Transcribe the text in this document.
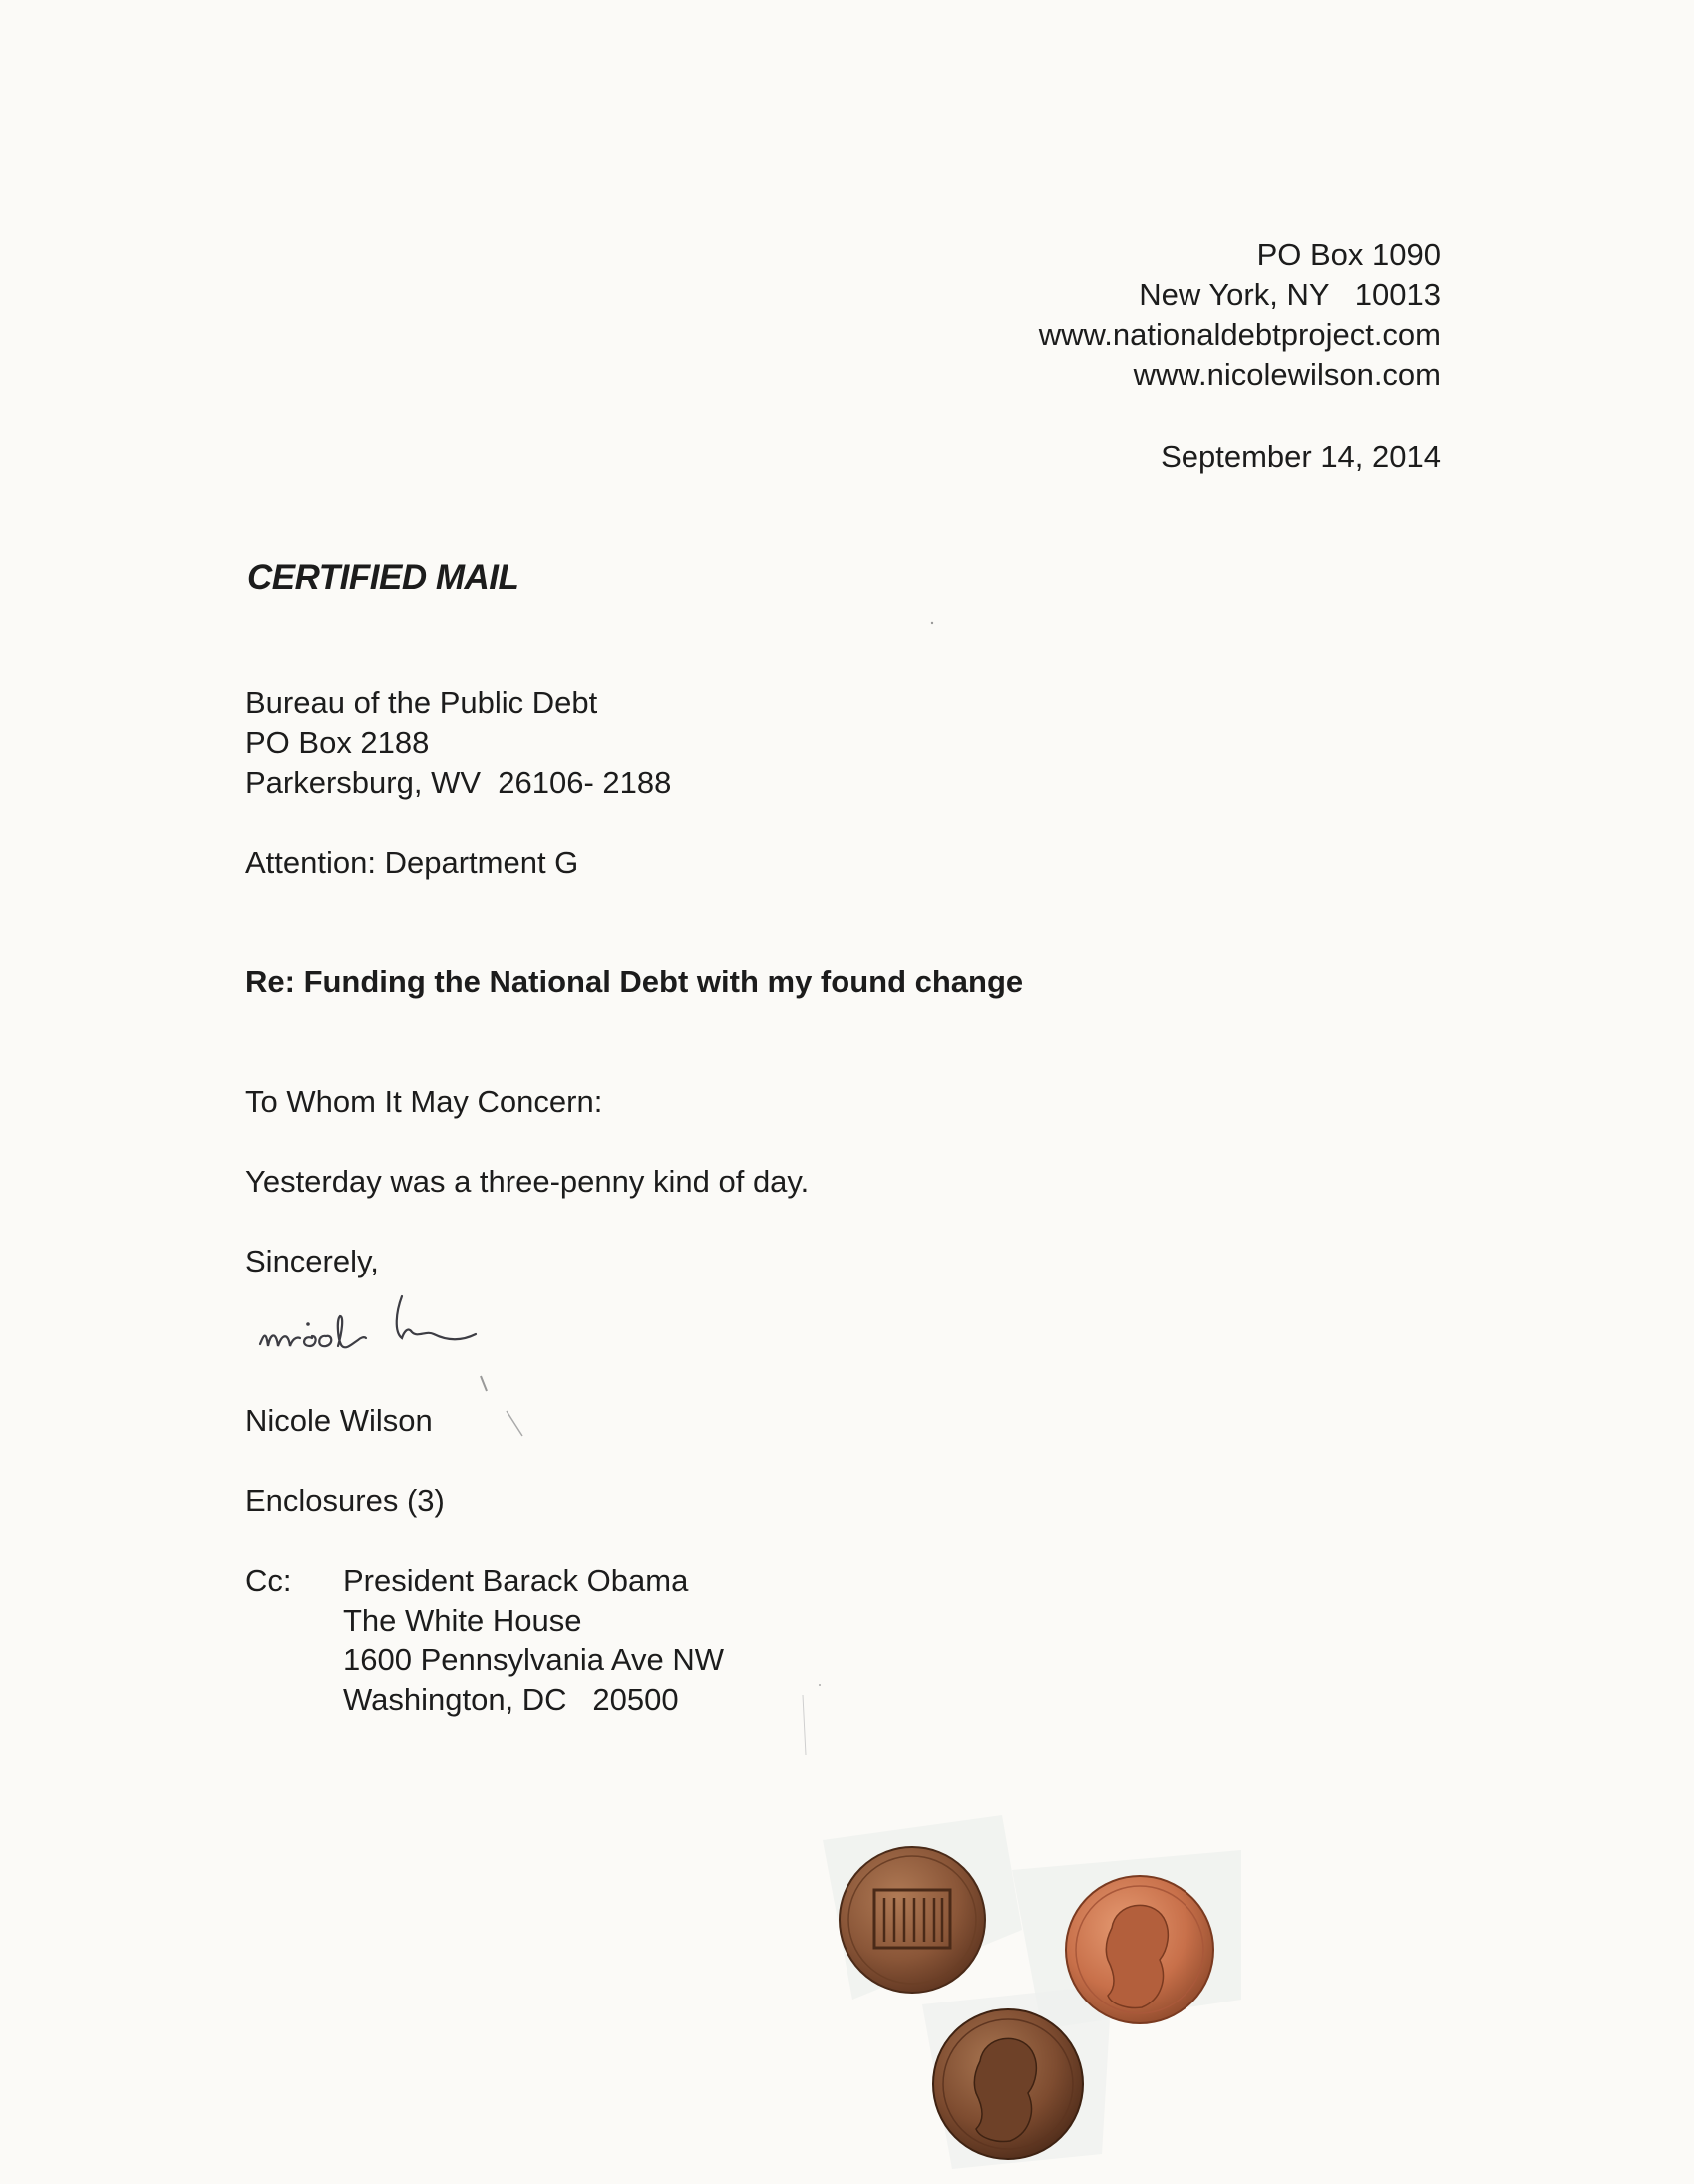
PO Box 1090
New York, NY   10013
www.nationaldebtproject.com
www.nicolewilson.com
September 14, 2014
CERTIFIED MAIL
Bureau of the Public Debt
PO Box 2188
Parkersburg, WV  26106- 2188
Attention: Department G
Re: Funding the National Debt with my found change
To Whom It May Concern:
Yesterday was a three-penny kind of day.
Sincerely,
Nicole Wilson
Enclosures (3)
Cc: President Barack Obama
The White House
1600 Pennsylvania Ave NW
Washington, DC   20500
